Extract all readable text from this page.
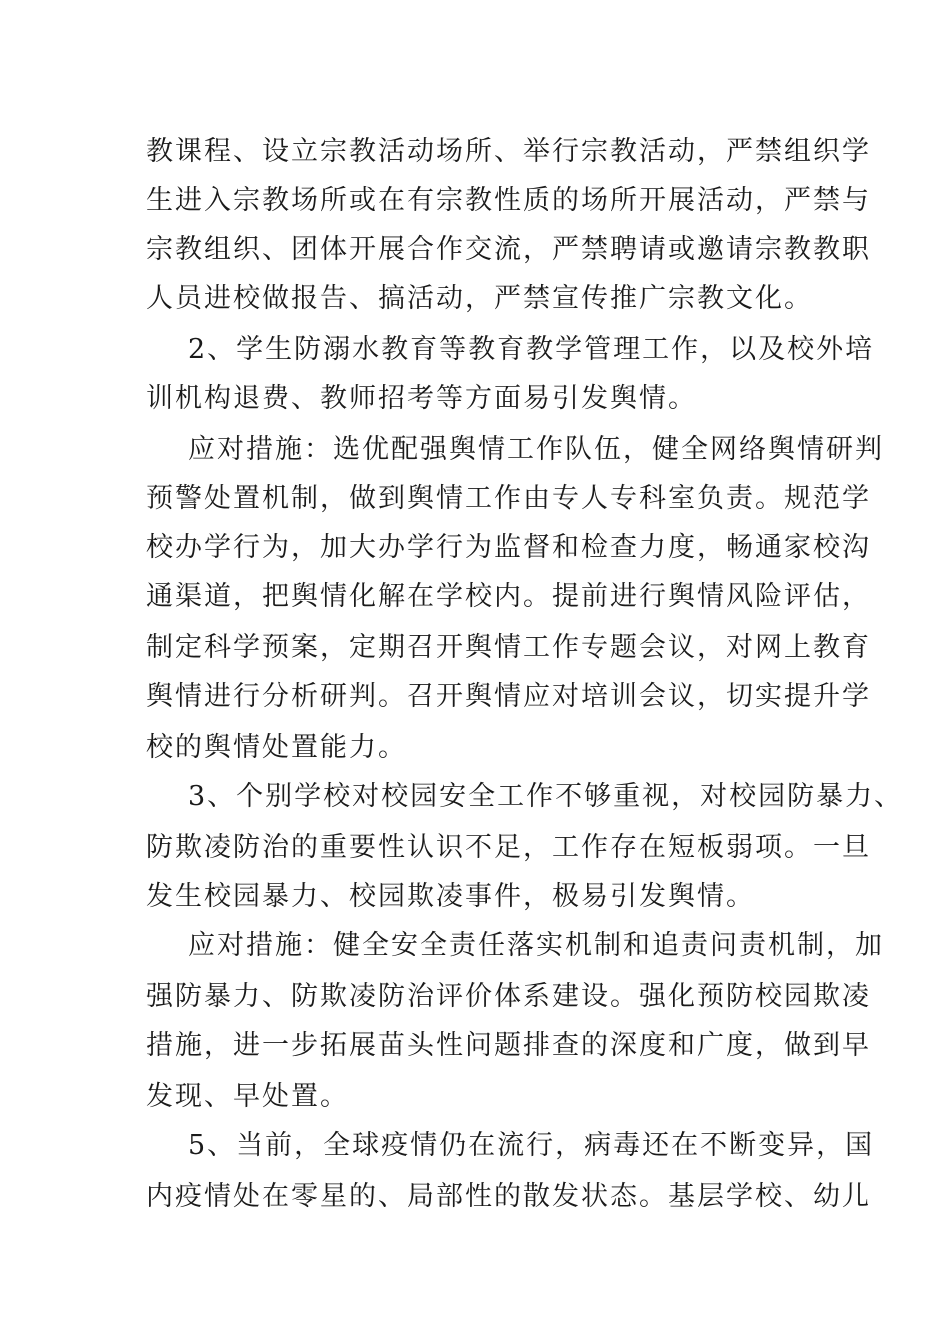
教课程、设立宗教活动场所、举行宗教活动，严禁组织学
生进入宗教场所或在有宗教性质的场所开展活动，严禁与
宗教组织、团体开展合作交流，严禁聘请或邀请宗教教职
人员进校做报告、搞活动，严禁宣传推广宗教文化。
2、学生防溺水教育等教育教学管理工作，以及校外培
训机构退费、教师招考等方面易引发舆情。
应对措施：选优配强舆情工作队伍，健全网络舆情研判
预警处置机制，做到舆情工作由专人专科室负责。规范学
校办学行为，加大办学行为监督和检查力度，畅通家校沟
通渠道，把舆情化解在学校内。提前进行舆情风险评估，
制定科学预案，定期召开舆情工作专题会议，对网上教育
舆情进行分析研判。召开舆情应对培训会议，切实提升学
校的舆情处置能力。
3、个别学校对校园安全工作不够重视，对校园防暴力、
防欺凌防治的重要性认识不足，工作存在短板弱项。一旦
发生校园暴力、校园欺凌事件，极易引发舆情。
应对措施：健全安全责任落实机制和追责问责机制，加
强防暴力、防欺凌防治评价体系建设。强化预防校园欺凌
措施，进一步拓展苗头性问题排查的深度和广度，做到早
发现、早处置。
5、当前，全球疫情仍在流行，病毒还在不断变异，国
内疫情处在零星的、局部性的散发状态。基层学校、幼儿
